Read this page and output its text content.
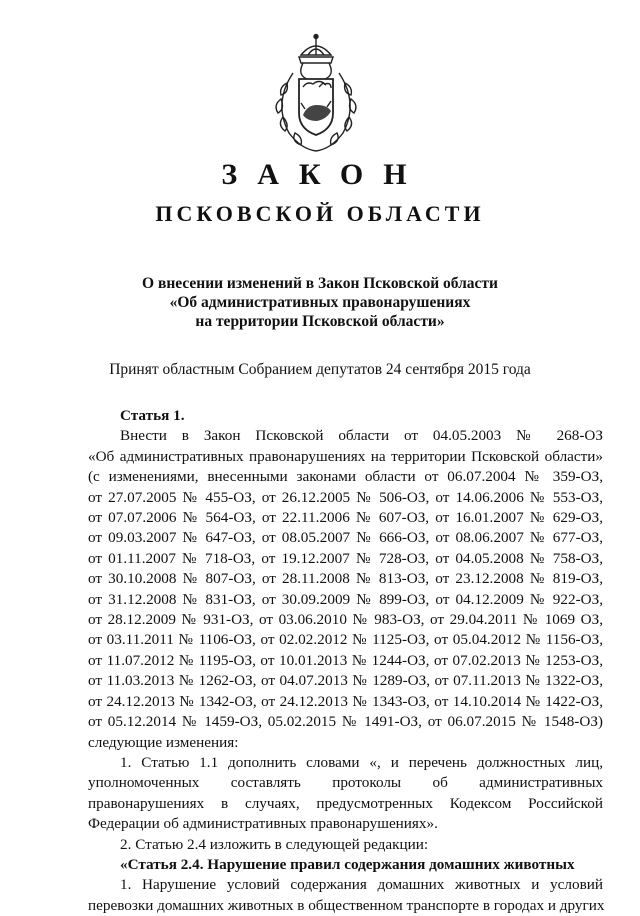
ЗАКОН
ПСКОВСКОЙ ОБЛАСТИ
О внесении изменений в Закон Псковской области
«Об административных правонарушениях
на территории Псковской области»
Принят областным Собранием депутатов 24 сентября 2015 года
Статья 1.
Внести в Закон Псковской области от 04.05.2003 № 268-ОЗ
«Об административных правонарушениях на территории Псковской области»
(с изменениями, внесенными законами области от 06.07.2004 № 359-ОЗ,
от 27.07.2005 № 455-ОЗ, от 26.12.2005 № 506-ОЗ, от 14.06.2006 № 553-ОЗ,
от 07.07.2006 № 564-ОЗ, от 22.11.2006 № 607-ОЗ, от 16.01.2007 № 629-ОЗ,
от 09.03.2007 № 647-ОЗ, от 08.05.2007 № 666-ОЗ, от 08.06.2007 № 677-ОЗ,
от 01.11.2007 № 718-ОЗ, от 19.12.2007 № 728-ОЗ, от 04.05.2008 № 758-ОЗ,
от 30.10.2008 № 807-ОЗ, от 28.11.2008 № 813-ОЗ, от 23.12.2008 № 819-ОЗ,
от 31.12.2008 № 831-ОЗ, от 30.09.2009 № 899-ОЗ, от 04.12.2009 № 922-ОЗ,
от 28.12.2009 № 931-ОЗ, от 03.06.2010 № 983-ОЗ, от 29.04.2011 № 1069 ОЗ,
от 03.11.2011 № 1106-ОЗ, от 02.02.2012 № 1125-ОЗ, от 05.04.2012 № 1156-ОЗ,
от 11.07.2012 № 1195-ОЗ, от 10.01.2013 № 1244-ОЗ, от 07.02.2013 № 1253-ОЗ,
от 11.03.2013 № 1262-ОЗ, от 04.07.2013 № 1289-ОЗ, от 07.11.2013 № 1322-ОЗ,
от 24.12.2013 № 1342-ОЗ, от 24.12.2013 № 1343-ОЗ, от 14.10.2014 № 1422-ОЗ,
от 05.12.2014 № 1459-ОЗ, 05.02.2015 № 1491-ОЗ, от 06.07.2015 № 1548-ОЗ)
следующие изменения:
1. Статью 1.1 дополнить словами «, и перечень должностных лиц,
уполномоченных составлять протоколы об административных
правонарушениях в случаях, предусмотренных Кодексом Российской
Федерации об административных правонарушениях».
2. Статью 2.4 изложить в следующей редакции:
«Статья 2.4. Нарушение правил содержания домашних животных
1. Нарушение условий содержания домашних животных и условий
перевозки домашних животных в общественном транспорте в городах и других
